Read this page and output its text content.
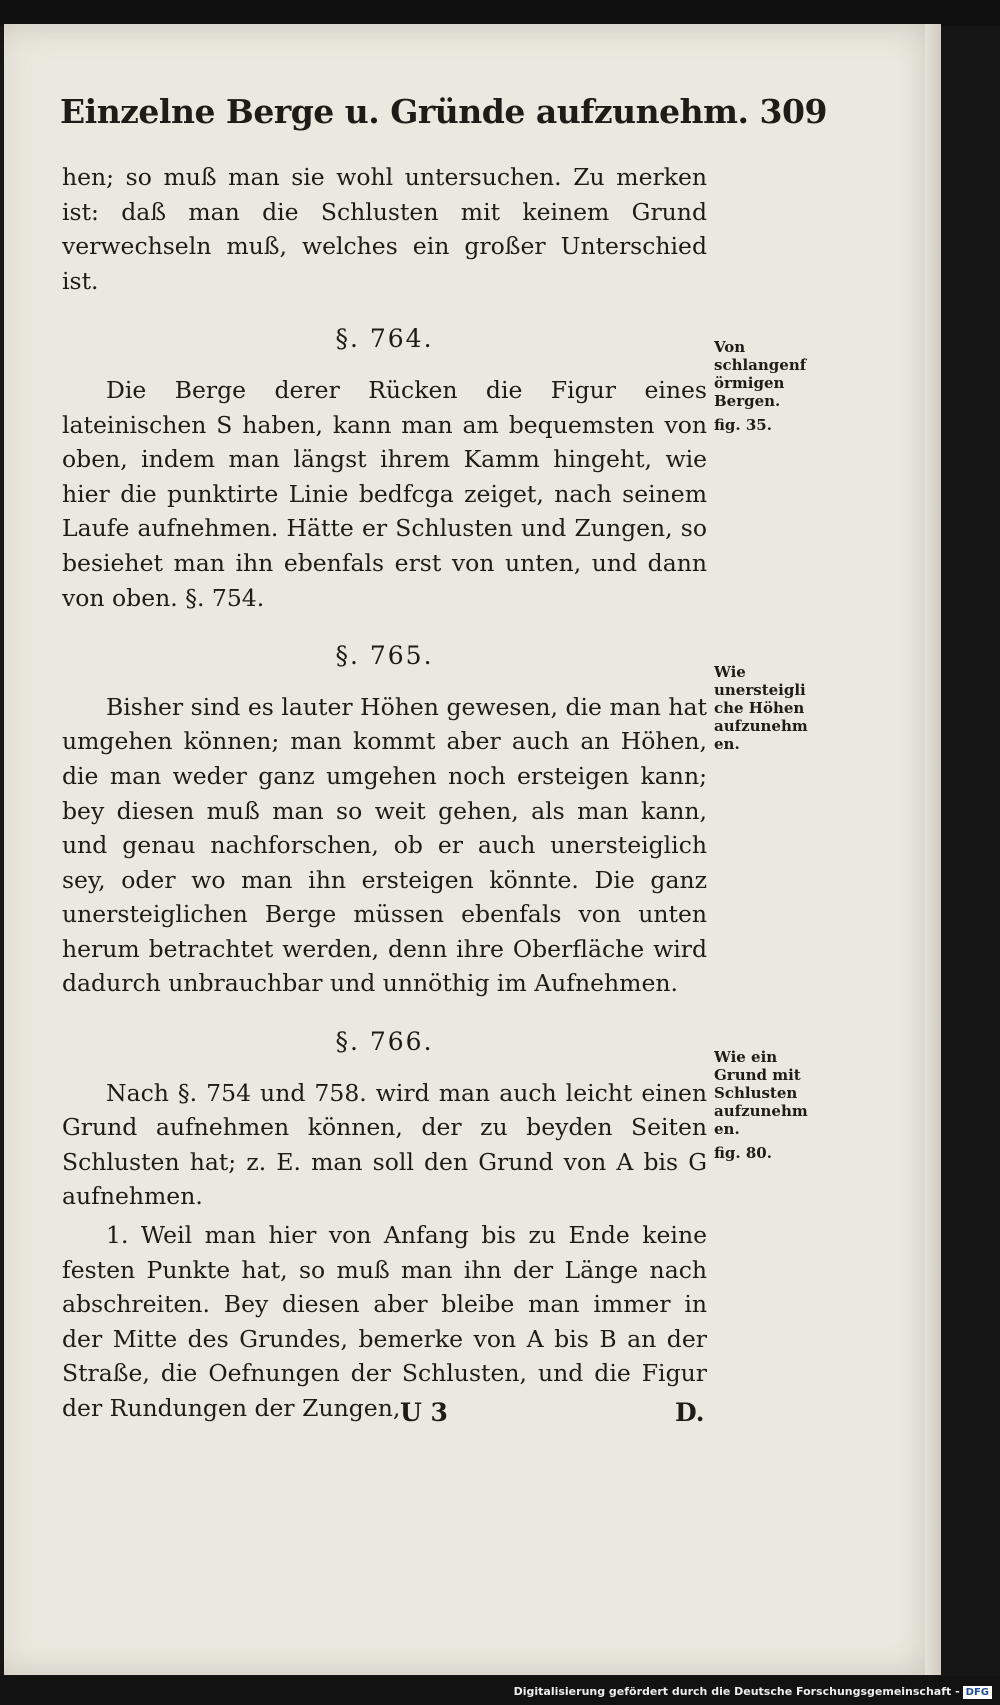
Einzelne Berge u. Gründe aufzunehm. 309

hen; so muß man sie wohl untersuchen. Zu merken ist: daß man die Schlusten mit keinem Grund verwechseln muß, welches ein großer Unterschied ist.

§. 764.

Die Berge derer Rücken die Figur eines lateinischen S haben, kann man am bequemsten von oben, indem man längst ihrem Kamm hingeht, wie hier die punktirte Linie bedfcga zeiget, nach seinem Laufe aufnehmen. Hätte er Schlusten und Zungen, so besiehet man ihn ebenfals erst von unten, und dann von oben. §. 754.

§. 765.

Bisher sind es lauter Höhen gewesen, die man hat umgehen können; man kommt aber auch an Höhen, die man weder ganz umgehen noch ersteigen kann; bey diesen muß man so weit gehen, als man kann, und genau nachforschen, ob er auch unersteiglich sey, oder wo man ihn ersteigen könnte. Die ganz unersteiglichen Berge müssen ebenfals von unten herum betrachtet werden, denn ihre Oberfläche wird dadurch unbrauchbar und unnöthig im Aufnehmen.

§. 766.

Nach §. 754 und 758. wird man auch leicht einen Grund aufnehmen können, der zu beyden Seiten Schlusten hat; z. E. man soll den Grund von A bis G aufnehmen.

1. Weil man hier von Anfang bis zu Ende keine festen Punkte hat, so muß man ihn der Länge nach abschreiten. Bey diesen aber bleibe man immer in der Mitte des Grundes, bemerke von A bis B an der Straße, die Oefnungen der Schlusten, und die Figur der Rundungen der Zungen,

Von schlangenförmigen Bergen.
fig. 35.
Wie unersteigliche Höhen aufzunehmen.
Wie ein Grund mit Schlusten aufzunehmen.
fig. 80.
U 3	D.
Digitalisierung gefördert durch die Deutsche Forschungsgemeinschaft - DFG
